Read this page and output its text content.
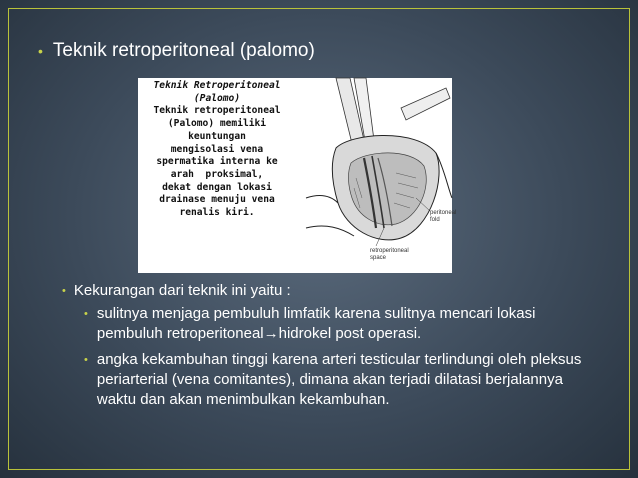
• Teknik retroperitoneal (palomo)
Teknik Retroperitoneal
(Palomo)
Teknik retroperitoneal
(Palomo) memiliki
keuntungan
mengisolasi vena
spermatika interna ke
arah  proksimal,
dekat dengan lokasi
drainase menuju vena
renalis kiri.	peritoneal
fold
retroperitoneal
space
• Kekurangan dari teknik ini yaitu :
• sulitnya menjaga pembuluh limfatik karena sulitnya mencari lokasi pembuluh retroperitoneal→hidrokel post operasi.
• angka kekambuhan tinggi karena arteri testicular terlindungi oleh pleksus periarterial (vena comitantes), dimana akan terjadi dilatasi berjalannya waktu dan akan menimbulkan kekambuhan.
